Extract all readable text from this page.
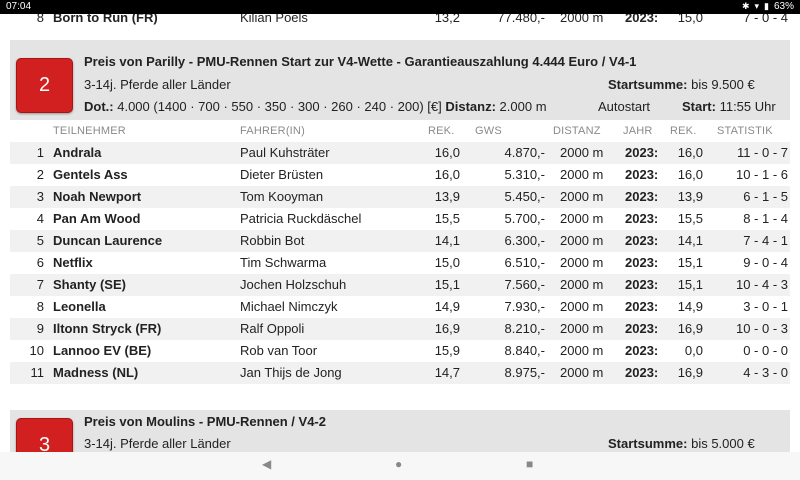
07:04	✱ ▾ ▮ 63%
8 Born to Run (FR)	Kilian Poels	13,2	77.480,- 2000 m 2023: 15,0	7 - 0 - 4
2
Preis von Parilly - PMU-Rennen Start zur V4-Wette - Garantieauszahlung 4.444 Euro / V4-1
3-14j. Pferde aller Länder	Startsumme: bis 9.500 €
Dot.: 4.000 (1400 · 700 · 550 · 350 · 300 · 260 · 240 · 200) [€] Distanz: 2.000 m	Autostart Start: 11:55 Uhr
TEILNEHMER	FAHRER(IN)	REK. GWS	DISTANZ JAHR REK. STATISTIK
1 Andrala	Paul Kuhsträter	16,0	4.870,- 2000 m 2023: 16,0	11 - 0 - 7
2 Gentels Ass	Dieter Brüsten	16,0	5.310,- 2000 m 2023: 16,0	10 - 1 - 6
3 Noah Newport	Tom Kooyman	13,9	5.450,- 2000 m 2023: 13,9	6 - 1 - 5
4 Pan Am Wood	Patricia Ruckdäschel	15,5	5.700,- 2000 m 2023: 15,5	8 - 1 - 4
5 Duncan Laurence	Robbin Bot	14,1	6.300,- 2000 m 2023: 14,1	7 - 4 - 1
6 Netflix	Tim Schwarma	15,0	6.510,- 2000 m 2023: 15,1	9 - 0 - 4
7 Shanty (SE)	Jochen Holzschuh	15,1	7.560,- 2000 m 2023: 15,1	10 - 4 - 3
8 Leonella	Michael Nimczyk	14,9	7.930,- 2000 m 2023: 14,9	3 - 0 - 1
9 Iltonn Stryck (FR)	Ralf Oppoli	16,9	8.210,- 2000 m 2023: 16,9	10 - 0 - 3
10 Lannoo EV (BE)	Rob van Toor	15,9	8.840,- 2000 m 2023:	0,0	0 - 0 - 0
11 Madness (NL)	Jan Thijs de Jong	14,7	8.975,- 2000 m 2023: 16,9	4 - 3 - 0
3
Preis von Moulins - PMU-Rennen / V4-2
3-14j. Pferde aller Länder	Startsumme: bis 5.000 €
◀	●	■
